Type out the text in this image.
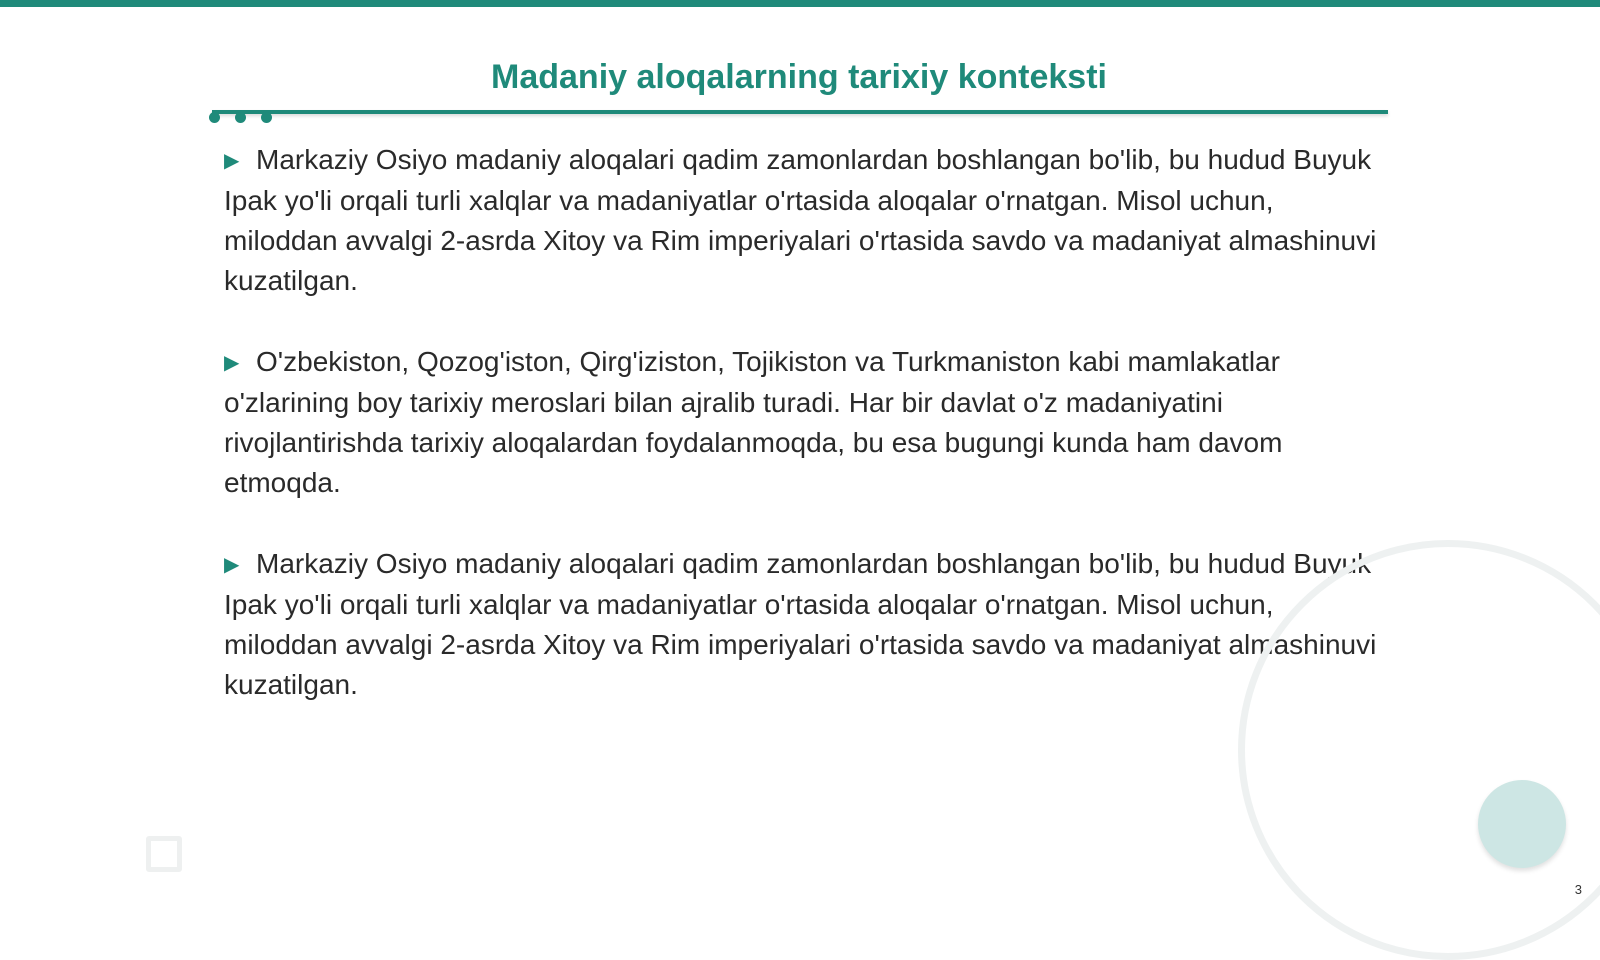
Madaniy aloqalarning tarixiy konteksti
▶ Markaziy Osiyo madaniy aloqalari qadim zamonlardan boshlangan bo'lib, bu hudud Buyuk Ipak yo'li orqali turli xalqlar va madaniyatlar o'rtasida aloqalar o'rnatgan. Misol uchun, miloddan avvalgi 2-asrda Xitoy va Rim imperiyalari o'rtasida savdo va madaniyat almashinuvi kuzatilgan.
▶ O'zbekiston, Qozog'iston, Qirg'iziston, Tojikiston va Turkmaniston kabi mamlakatlar o'zlarining boy tarixiy meroslari bilan ajralib turadi. Har bir davlat o'z madaniyatini rivojlantirishda tarixiy aloqalardan foydalanmoqda, bu esa bugungi kunda ham davom etmoqda.
▶ Markaziy Osiyo madaniy aloqalari qadim zamonlardan boshlangan bo'lib, bu hudud Buyuk Ipak yo'li orqali turli xalqlar va madaniyatlar o'rtasida aloqalar o'rnatgan. Misol uchun, miloddan avvalgi 2-asrda Xitoy va Rim imperiyalari o'rtasida savdo va madaniyat almashinuvi kuzatilgan.
3
